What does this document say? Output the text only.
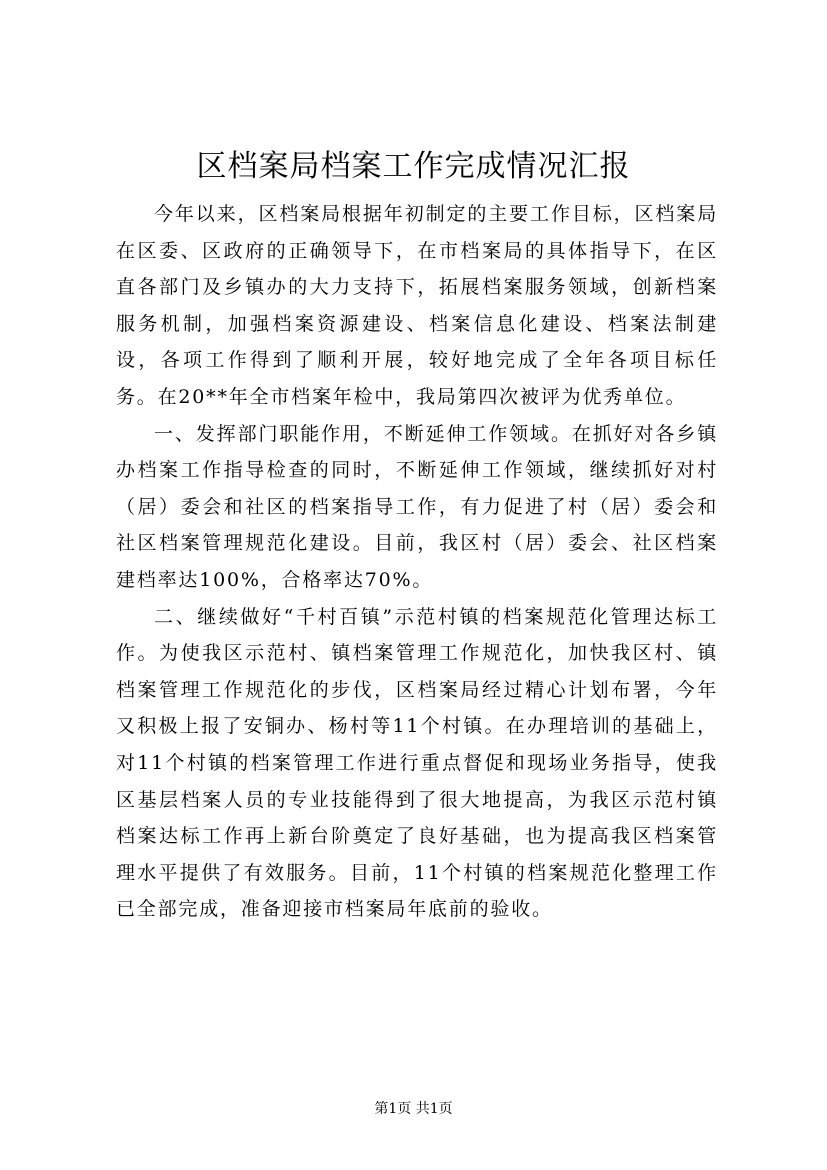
区档案局档案工作完成情况汇报

今年以来，区档案局根据年初制定的主要工作目标，区档案局在区委、区政府的正确领导下，在市档案局的具体指导下，在区直各部门及乡镇办的大力支持下，拓展档案服务领域，创新档案服务机制，加强档案资源建设、档案信息化建设、档案法制建设，各项工作得到了顺利开展，较好地完成了全年各项目标任务。在20**年全市档案年检中，我局第四次被评为优秀单位。

一、发挥部门职能作用，不断延伸工作领域。在抓好对各乡镇办档案工作指导检查的同时，不断延伸工作领域，继续抓好对村（居）委会和社区的档案指导工作，有力促进了村（居）委会和社区档案管理规范化建设。目前，我区村（居）委会、社区档案建档率达100%，合格率达70%。

二、继续做好“千村百镇”示范村镇的档案规范化管理达标工作。为使我区示范村、镇档案管理工作规范化，加快我区村、镇档案管理工作规范化的步伐，区档案局经过精心计划布署，今年又积极上报了安铜办、杨村等11个村镇。在办理培训的基础上，对11个村镇的档案管理工作进行重点督促和现场业务指导，使我区基层档案人员的专业技能得到了很大地提高，为我区示范村镇档案达标工作再上新台阶奠定了良好基础，也为提高我区档案管理水平提供了有效服务。目前，11个村镇的档案规范化整理工作已全部完成，准备迎接市档案局年底前的验收。

第1页 共1页
